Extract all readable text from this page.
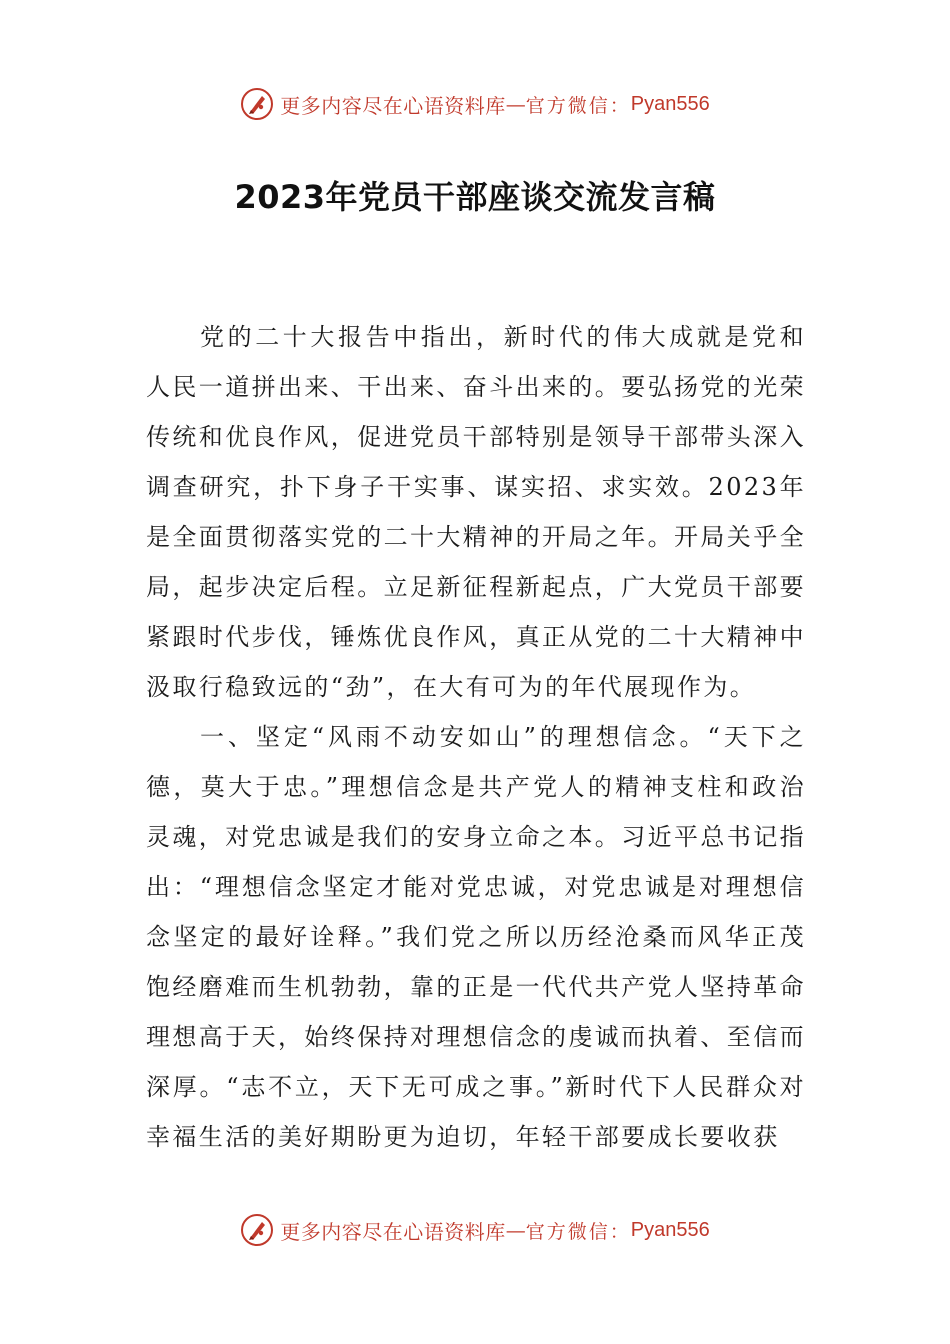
更多内容尽在心语资料库 — 官方微信： Pyan556
2023年党员干部座谈交流发言稿

党的二十大报告中指出，新时代的伟大成就是党和人民一道拼出来、干出来、奋斗出来的。要弘扬党的光荣传统和优良作风，促进党员干部特别是领导干部带头深入调查研究，扑下身子干实事、谋实招、求实效。2023年是全面贯彻落实党的二十大精神的开局之年。开局关乎全局，起步决定后程。立足新征程新起点，广大党员干部要紧跟时代步伐，锤炼优良作风，真正从党的二十大精神中汲取行稳致远的“劲”，在大有可为的年代展现作为。

一、坚定“风雨不动安如山”的理想信念。“天下之德，莫大于忠。”理想信念是共产党人的精神支柱和政治灵魂，对党忠诚是我们的安身立命之本。习近平总书记指出：“理想信念坚定才能对党忠诚，对党忠诚是对理想信念坚定的最好诠释。”我们党之所以历经沧桑而风华正茂饱经磨难而生机勃勃，靠的正是一代代共产党人坚持革命理想高于天，始终保持对理想信念的虔诚而执着、至信而深厚。“志不立，天下无可成之事。”新时代下人民群众对幸福生活的美好期盼更为迫切，年轻干部要成长要收获

更多内容尽在心语资料库 — 官方微信： Pyan556
